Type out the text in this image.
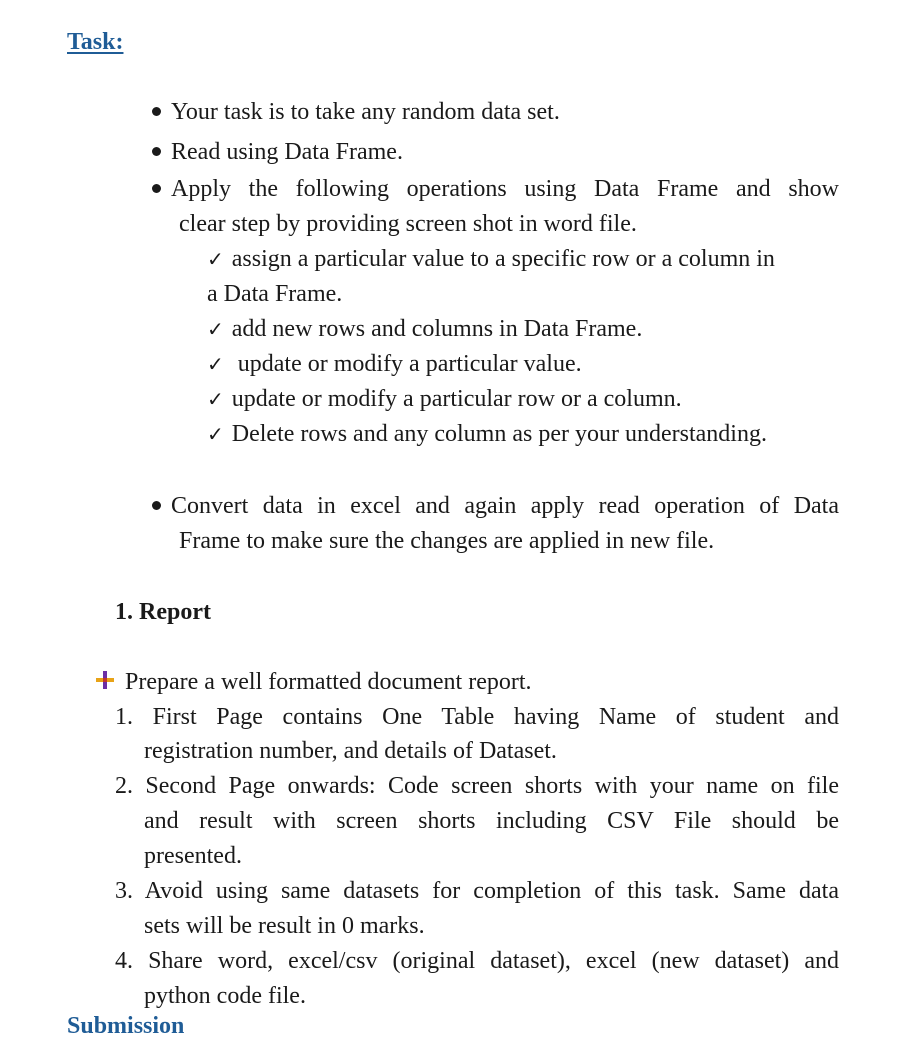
Task:
Your task is to take any random data set.
Read using Data Frame.
Apply the following operations using Data Frame and show
clear step by providing screen shot in word file.
✓ assign a particular value to a specific row or a column in
a Data Frame.
✓ add new rows and columns in Data Frame.
✓ update or modify a particular value.
✓ update or modify a particular row or a column.
✓ Delete rows and any column as per your understanding.
Convert data in excel and again apply read operation of Data
Frame to make sure the changes are applied in new file.
1. Report
Prepare a well formatted document report.
1. First Page contains One Table having Name of student and
registration number, and details of Dataset.
2. Second Page onwards: Code screen shorts with your name on file
and result with screen shorts including CSV File should be
presented.
3. Avoid using same datasets for completion of this task. Same data
sets will be result in 0 marks.
4. Share word, excel/csv (original dataset), excel (new dataset) and
python code file.
Submission
